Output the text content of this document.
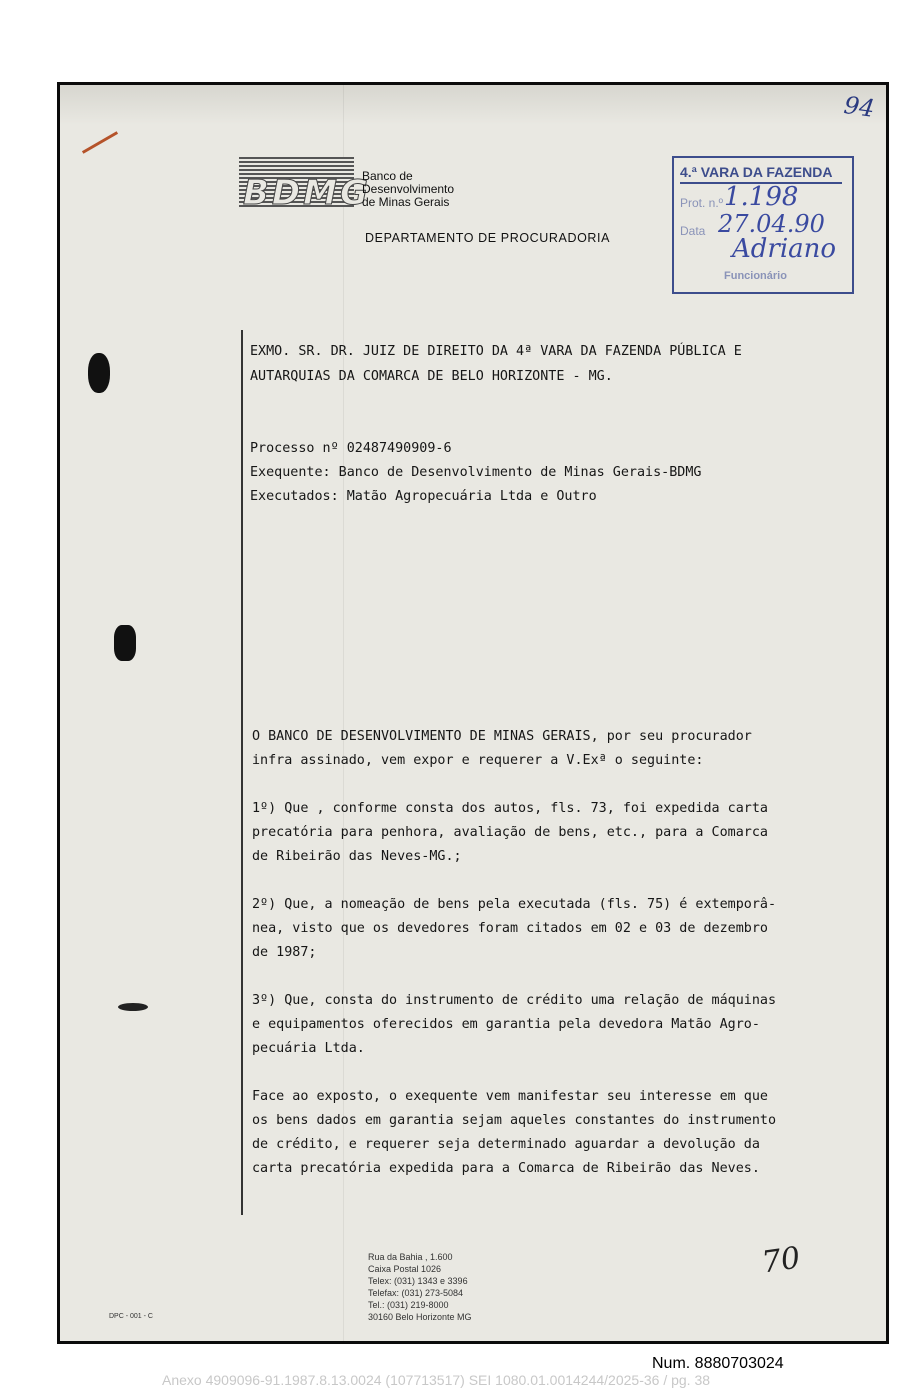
BDMG
Banco de
Desenvolvimento
de Minas Gerais
DEPARTAMENTO DE PROCURADORIA
4.ª VARA DA FAZENDA
Prot. n.º 1.198
Data 27.04.90
Adriano
Funcionário
94
EXMO. SR. DR. JUIZ DE DIREITO DA 4ª VARA DA FAZENDA PÚBLICA E
AUTARQUIAS DA COMARCA DE BELO HORIZONTE - MG.
Processo nº 02487490909-6
Exequente: Banco de Desenvolvimento de Minas Gerais-BDMG
Executados: Matão Agropecuária Ltda e Outro

O BANCO DE DESENVOLVIMENTO DE MINAS GERAIS, por seu procurador
infra assinado, vem expor e requerer a V.Exª o seguinte:

1º) Que , conforme consta dos autos, fls. 73, foi expedida carta
precatória para penhora, avaliação de bens, etc., para a Comarca
de Ribeirão das Neves-MG.;

2º) Que, a nomeação de bens pela executada (fls. 75) é extemporâ-
nea, visto que os devedores foram citados em 02 e 03 de dezembro
de 1987;

3º) Que, consta do instrumento de crédito uma relação de máquinas
e equipamentos oferecidos em garantia pela devedora Matão Agro-
pecuária Ltda.

Face ao exposto, o exequente vem manifestar seu interesse em que
os bens dados em garantia sejam aqueles constantes do instrumento
de crédito, e requerer seja determinado aguardar a devolução da
carta precatória expedida para a Comarca de Ribeirão das Neves.

Rua da Bahia , 1.600
Caixa Postal 1026
Telex: (031) 1343 e 3396
Telefax: (031) 273-5084
Tel.: (031) 219-8000
30160 Belo Horizonte MG
DPC - 001 - C
70
Num. 8880703024
Anexo 4909096-91.1987.8.13.0024 (107713517) SEI 1080.01.0014244/2025-36 / pg. 38
